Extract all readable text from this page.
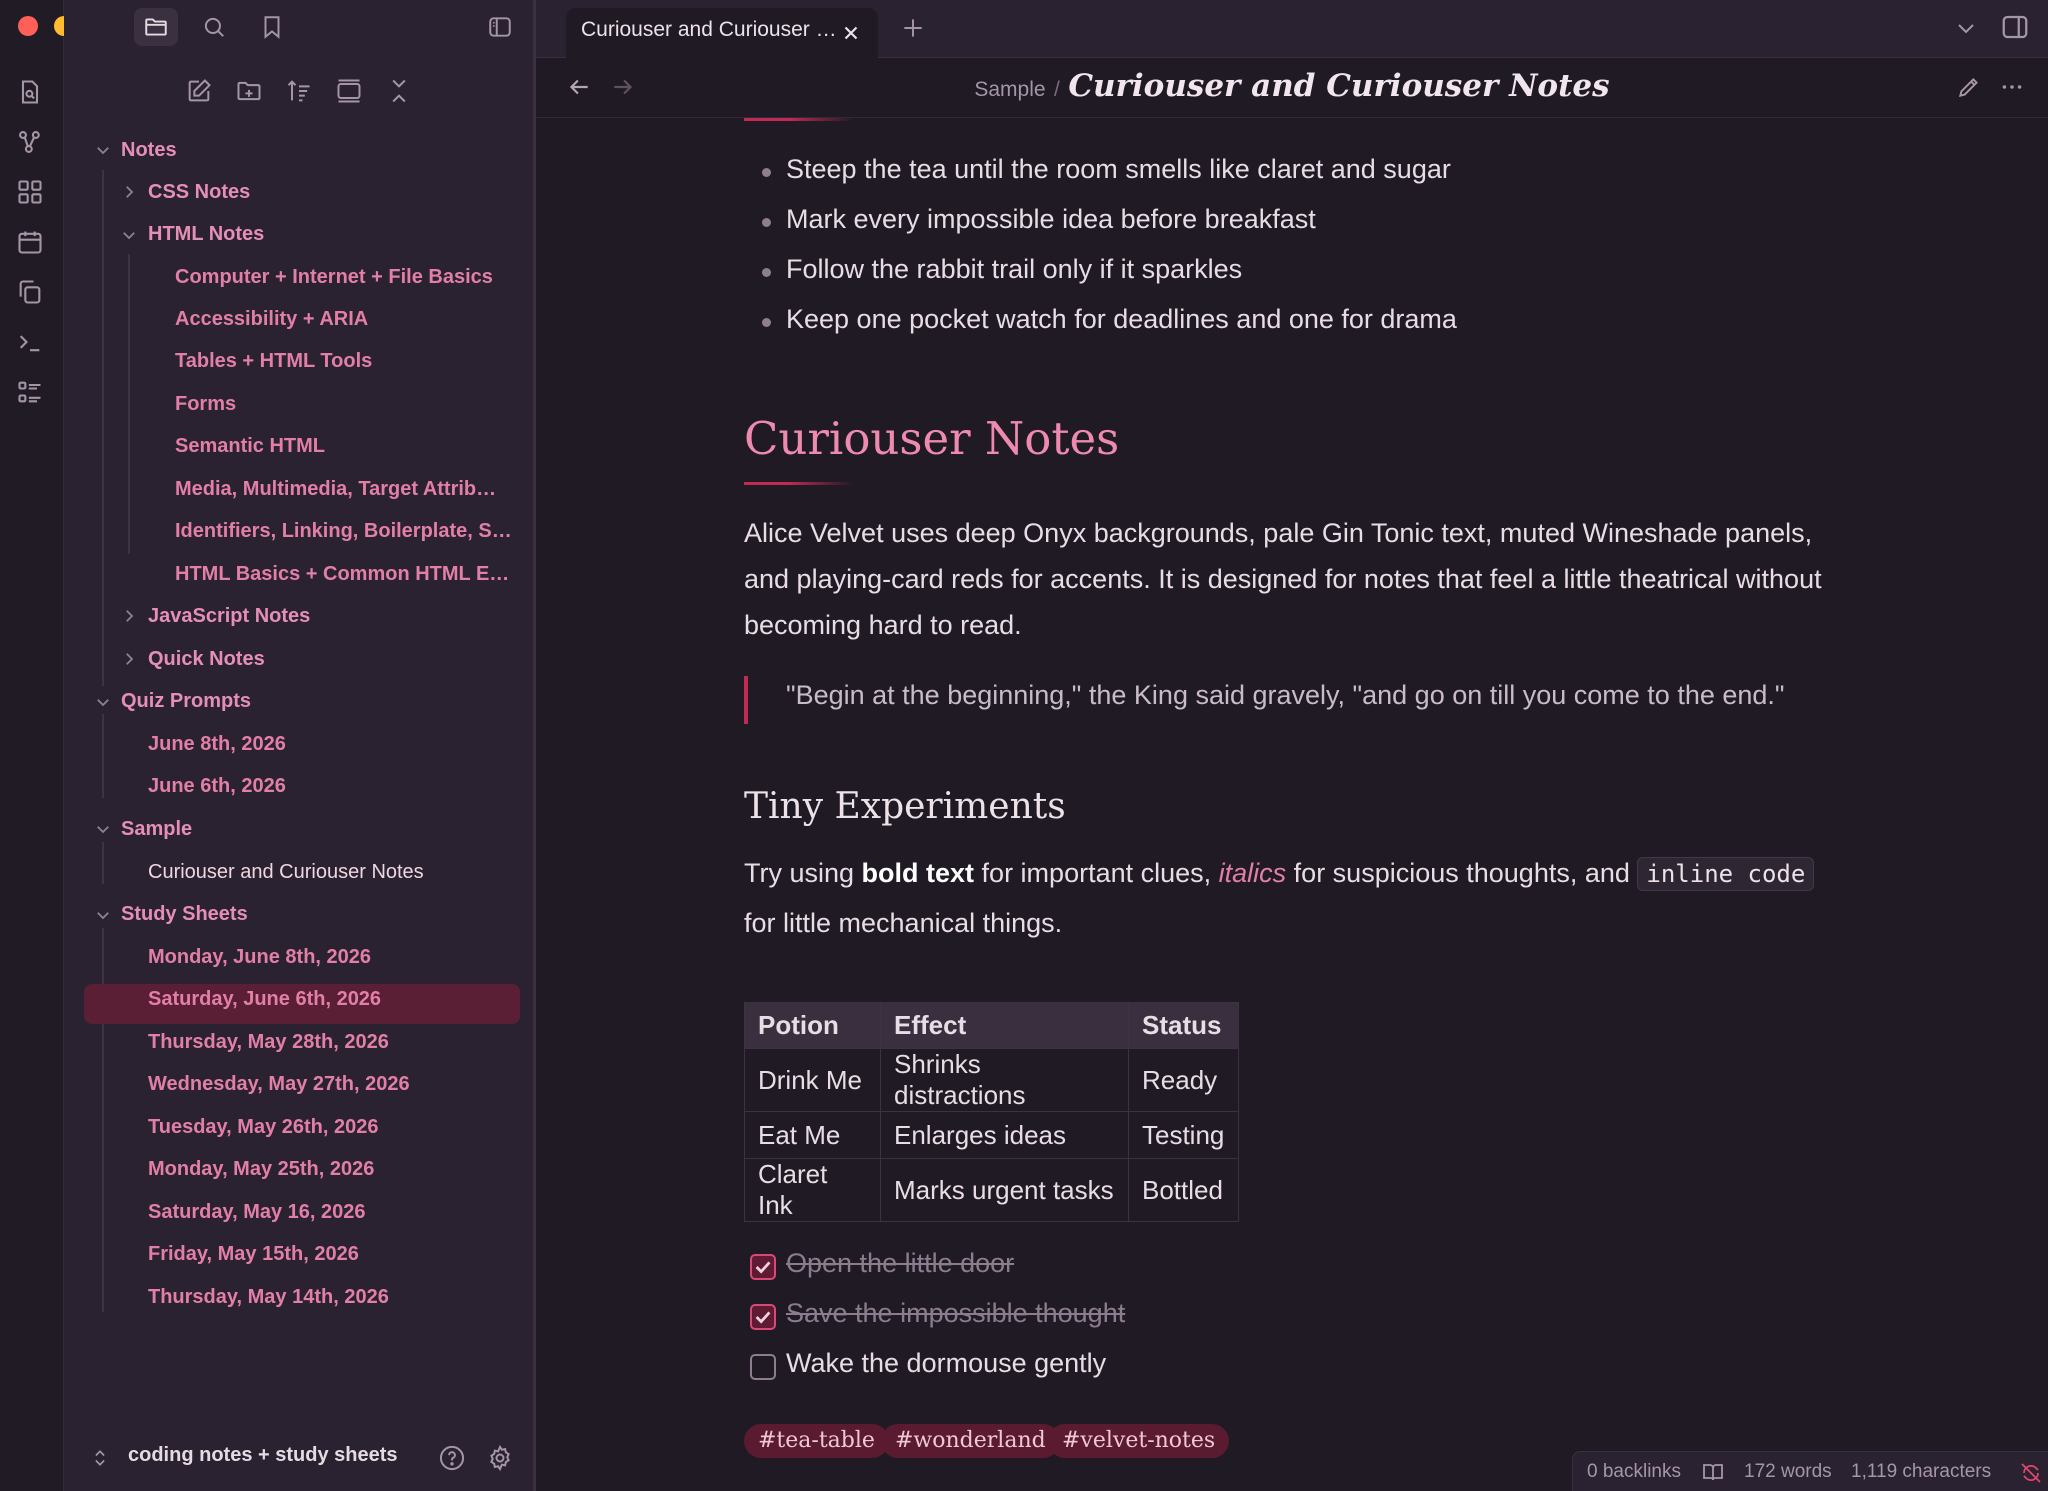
Notes
CSS Notes
HTML Notes
Computer + Internet + File Basics
Accessibility + ARIA
Tables + HTML Tools
Forms
Semantic HTML
Media, Multimedia, Target Attrib…
Identifiers, Linking, Boilerplate, S…
HTML Basics + Common HTML E…
JavaScript Notes
Quick Notes
Quiz Prompts
June 8th, 2026
June 6th, 2026
Sample
Curiouser and Curiouser Notes
Study Sheets
Monday, June 8th, 2026
Saturday, June 6th, 2026
Thursday, May 28th, 2026
Wednesday, May 27th, 2026
Tuesday, May 26th, 2026
Monday, May 25th, 2026
Saturday, May 16, 2026
Friday, May 15th, 2026
Thursday, May 14th, 2026
coding notes + study sheets
Curiouser and Curiouser …
Sample / Curiouser and Curiouser Notes
Steep the tea until the room smells like claret and sugar
Mark every impossible idea before breakfast
Follow the rabbit trail only if it sparkles
Keep one pocket watch for deadlines and one for drama
Curiouser Notes
Alice Velvet uses deep Onyx backgrounds, pale Gin Tonic text, muted Wineshade panels, and playing-card reds for accents. It is designed for notes that feel a little theatrical without becoming hard to read.
"Begin at the beginning," the King said gravely, "and go on till you come to the end."
Tiny Experiments
Try using bold text for important clues, italics for suspicious thoughts, and inline code
for little mechanical things.
Potion	Effect	Status
Drink Me	Shrinks distractions	Ready
Eat Me	Enlarges ideas	Testing
Claret Ink	Marks urgent tasks	Bottled
Open the little door
Save the impossible thought
Wake the dormouse gently
#tea-table #wonderland #velvet-notes
0 backlinks	172 words 1,119 characters
